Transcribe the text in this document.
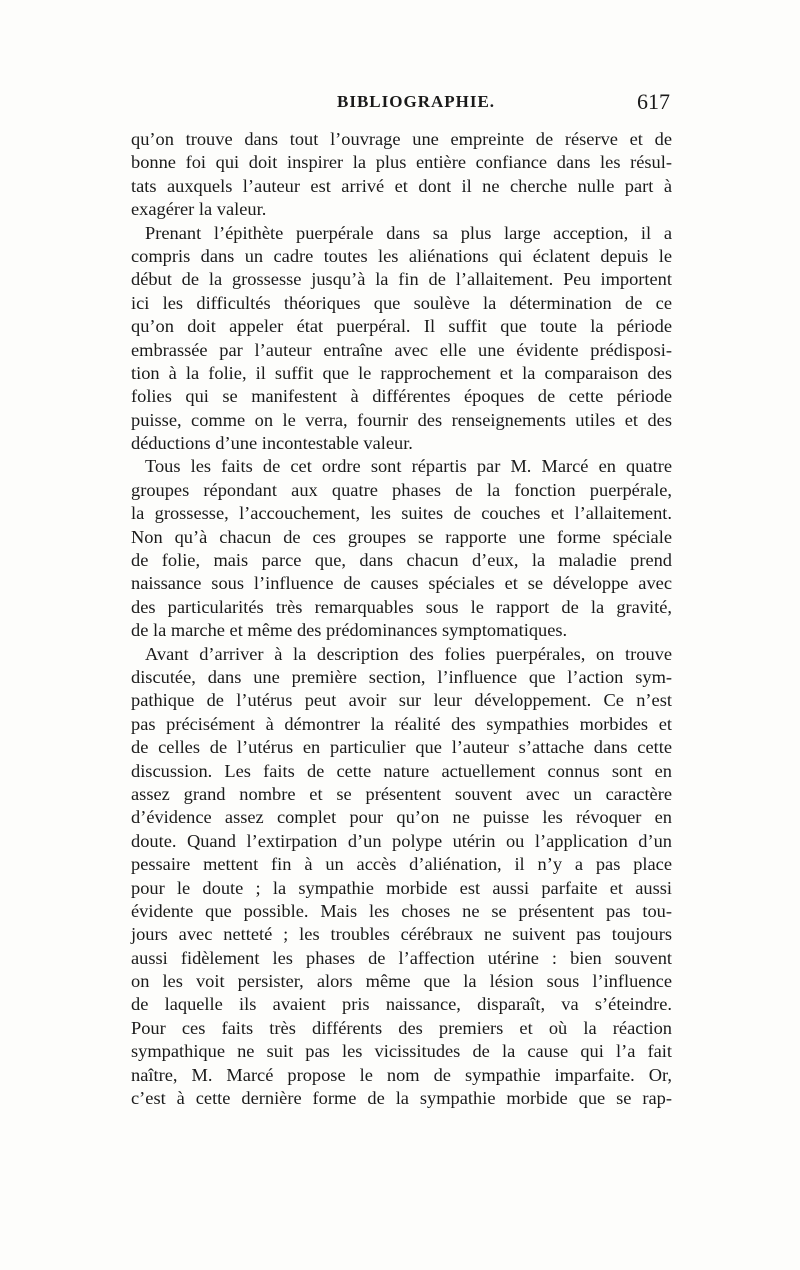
BIBLIOGRAPHIE.	617
qu’on trouve dans tout l’ouvrage une empreinte de réserve et de
bonne foi qui doit inspirer la plus entière confiance dans les résul-
tats auxquels l’auteur est arrivé et dont il ne cherche nulle part à
exagérer la valeur.
Prenant l’épithète puerpérale dans sa plus large acception, il a
compris dans un cadre toutes les aliénations qui éclatent depuis le
début de la grossesse jusqu’à la fin de l’allaitement. Peu importent
ici les difficultés théoriques que soulève la détermination de ce
qu’on doit appeler état puerpéral. Il suffit que toute la période
embrassée par l’auteur entraîne avec elle une évidente prédisposi-
tion à la folie, il suffit que le rapprochement et la comparaison des
folies qui se manifestent à différentes époques de cette période
puisse, comme on le verra, fournir des renseignements utiles et des
déductions d’une incontestable valeur.
Tous les faits de cet ordre sont répartis par M. Marcé en quatre
groupes répondant aux quatre phases de la fonction puerpérale,
la grossesse, l’accouchement, les suites de couches et l’allaitement.
Non qu’à chacun de ces groupes se rapporte une forme spéciale
de folie, mais parce que, dans chacun d’eux, la maladie prend
naissance sous l’influence de causes spéciales et se développe avec
des particularités très remarquables sous le rapport de la gravité,
de la marche et même des prédominances symptomatiques.
Avant d’arriver à la description des folies puerpérales, on trouve
discutée, dans une première section, l’influence que l’action sym-
pathique de l’utérus peut avoir sur leur développement. Ce n’est
pas précisément à démontrer la réalité des sympathies morbides et
de celles de l’utérus en particulier que l’auteur s’attache dans cette
discussion. Les faits de cette nature actuellement connus sont en
assez grand nombre et se présentent souvent avec un caractère
d’évidence assez complet pour qu’on ne puisse les révoquer en
doute. Quand l’extirpation d’un polype utérin ou l’application d’un
pessaire mettent fin à un accès d’aliénation, il n’y a pas place
pour le doute ; la sympathie morbide est aussi parfaite et aussi
évidente que possible. Mais les choses ne se présentent pas tou-
jours avec netteté ; les troubles cérébraux ne suivent pas toujours
aussi fidèlement les phases de l’affection utérine : bien souvent
on les voit persister, alors même que la lésion sous l’influence
de laquelle ils avaient pris naissance, disparaît, va s’éteindre.
Pour ces faits très différents des premiers et où la réaction
sympathique ne suit pas les vicissitudes de la cause qui l’a fait
naître, M. Marcé propose le nom de sympathie imparfaite. Or,
c’est à cette dernière forme de la sympathie morbide que se rap-
